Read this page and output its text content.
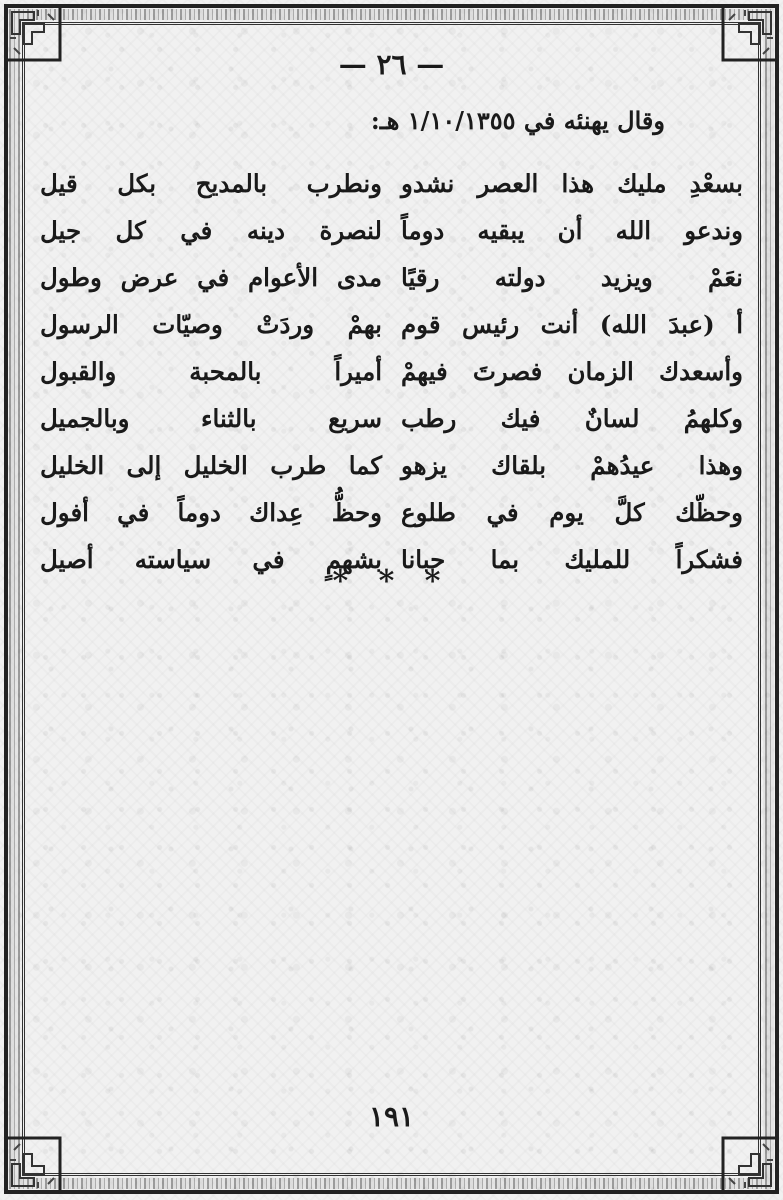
— ٢٦ —
وقال يهنئه في ١/١٠/١٣٥٥ هـ:
بسعْدِ مليك هذا العصر نشدو
ونطرب بالمديح بكل قيل
وندعو الله أن يبقيه دوماً
لنصرة دينه في كل جيل
نعَمْ ويزيد دولته رقيًا
مدى الأعوام في عرض وطول
أ (عبدَ الله) أنت رئيس قوم
بهمْ وردَتْ وصيّات الرسول
وأسعدك الزمان فصرتَ فيهمْ
أميراً بالمحبة والقبول
وكلهمُ لسانٌ فيك رطب
سريع بالثناء وبالجميل
وهذا عيدُهمْ بلقاك يزهو
كما طرب الخليل إلى الخليل
وحظّك كلَّ يوم في طلوع
وحظُّ عِداك دوماً في أفول
فشكراً للمليك بما حبانا
بشهمٍ في سياسته أصيل
* * *
١٩١
